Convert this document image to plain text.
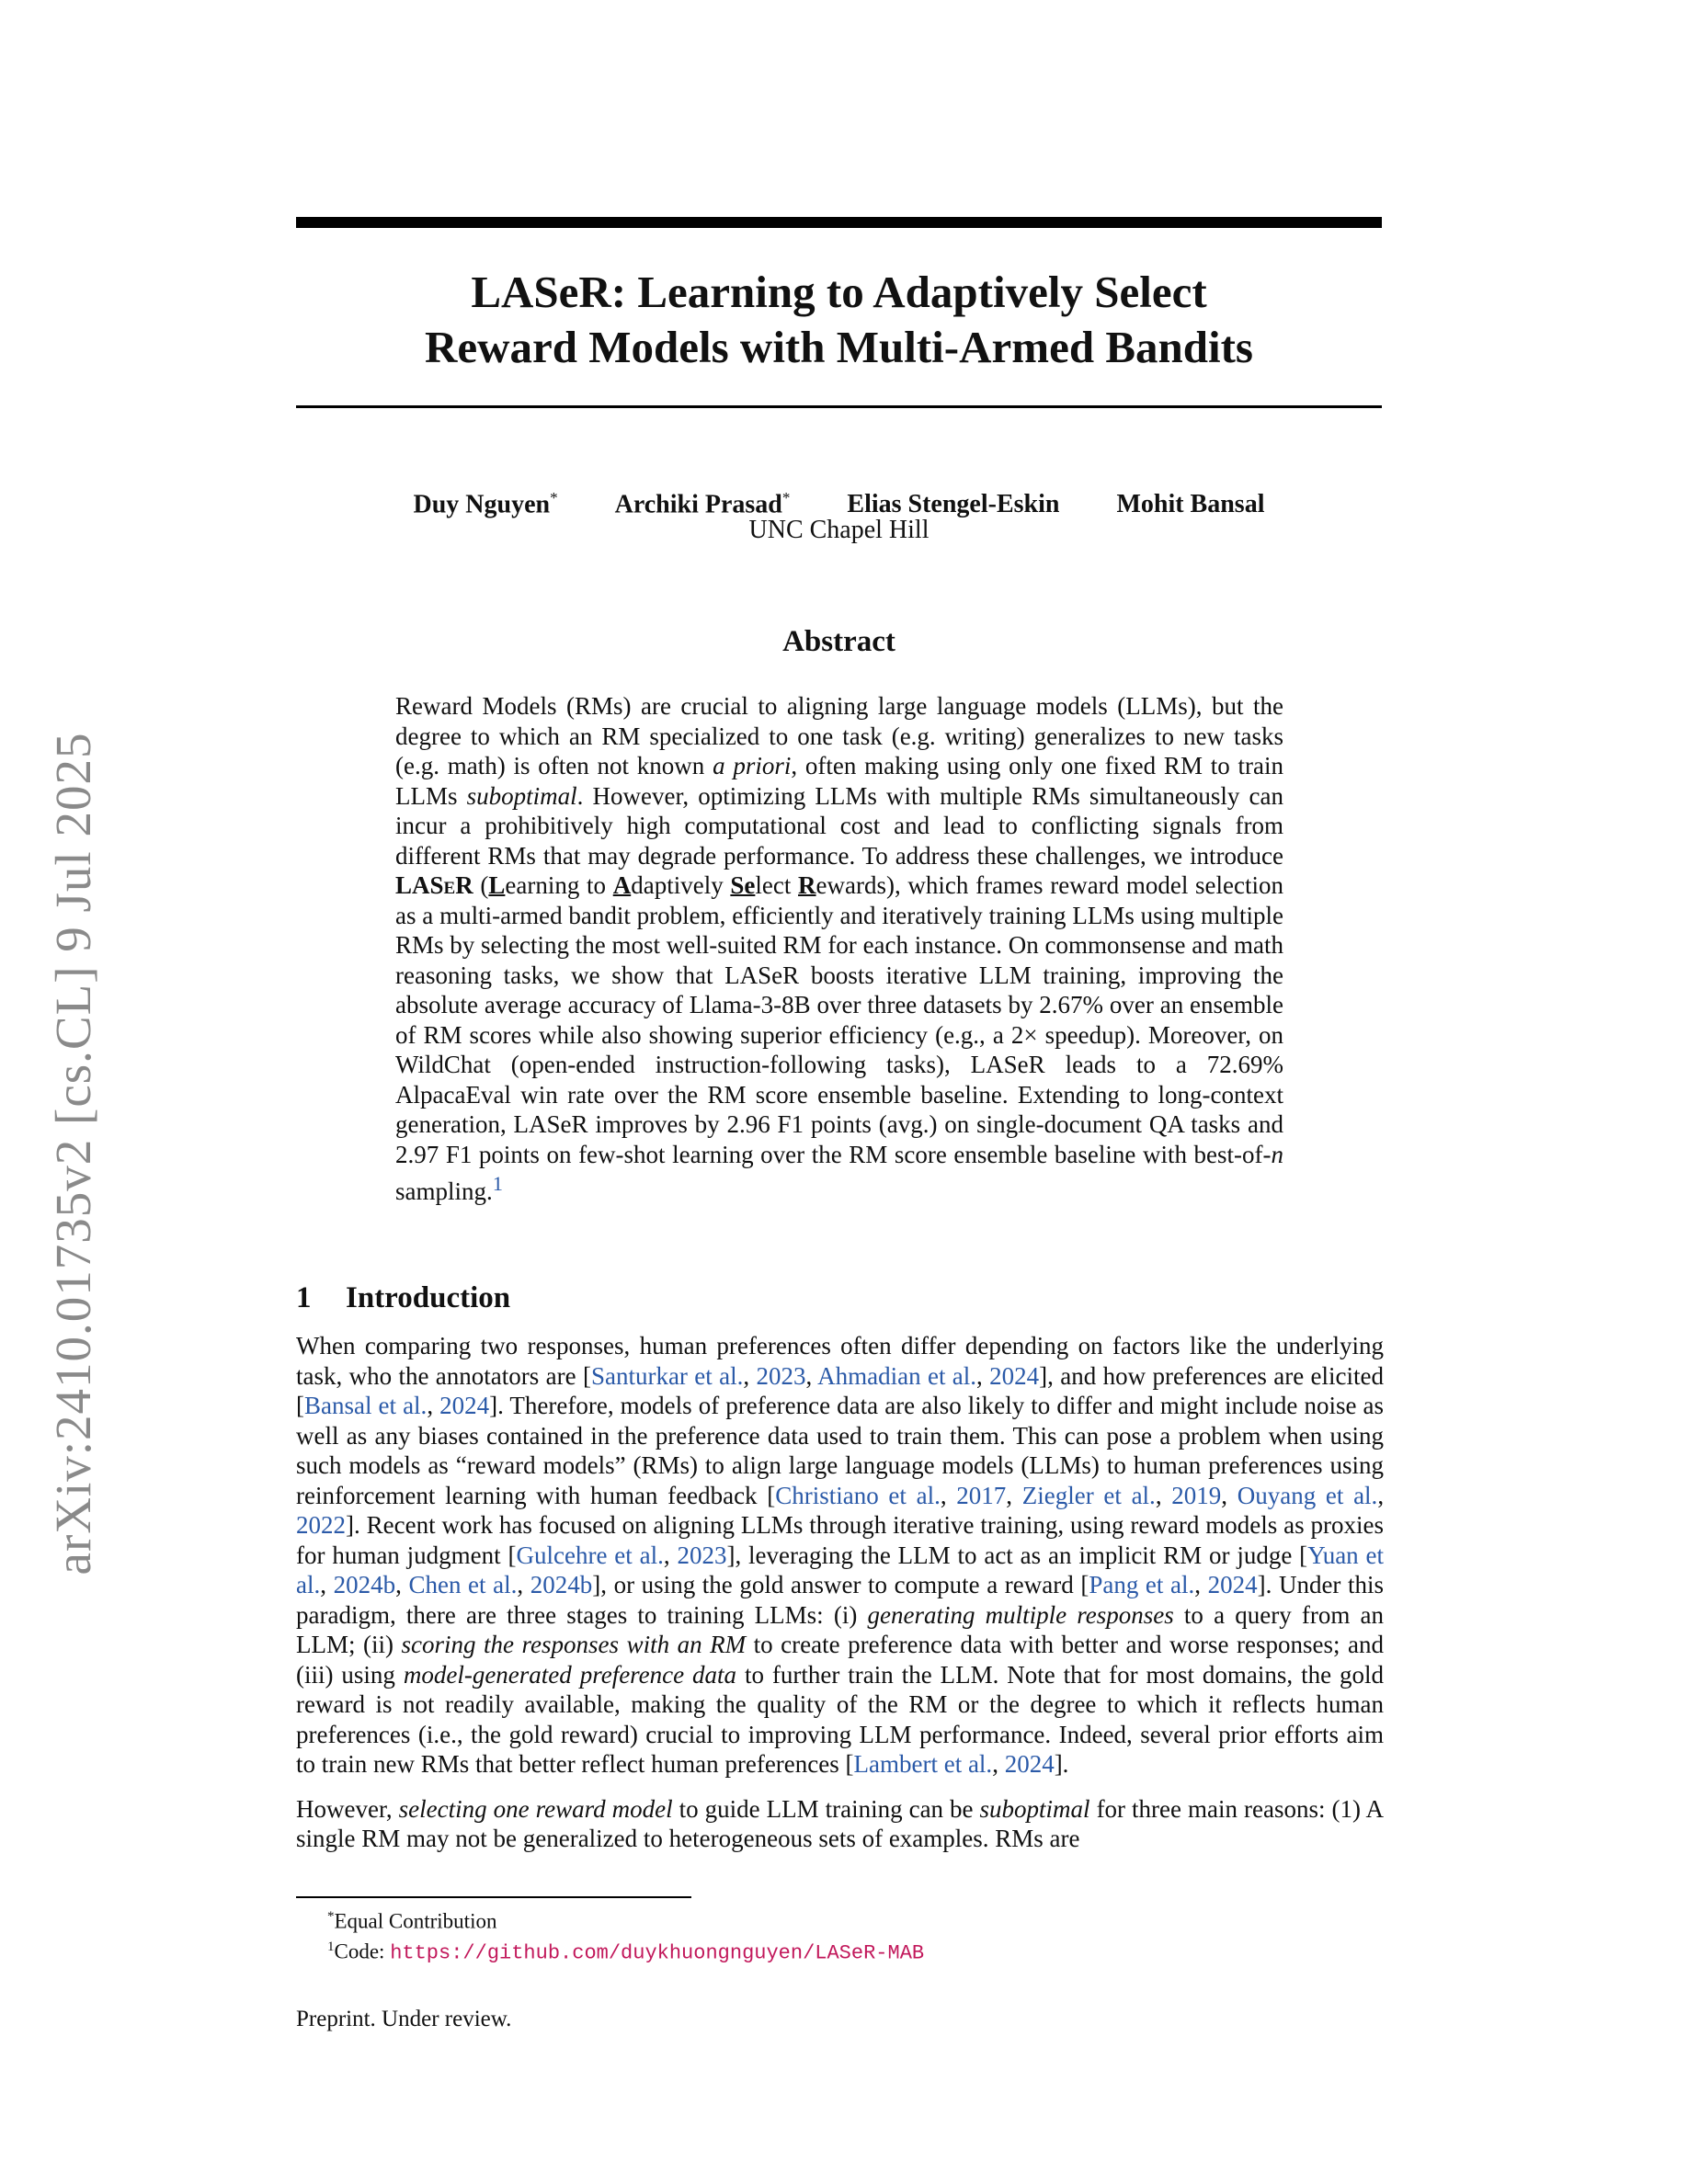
arXiv:2410.01735v2 [cs.CL] 9 Jul 2025
LASeR: Learning to Adaptively Select
Reward Models with Multi-Armed Bandits
Duy Nguyen* Archiki Prasad* Elias Stengel-Eskin Mohit Bansal
UNC Chapel Hill
Abstract
Reward Models (RMs) are crucial to aligning large language models (LLMs), but the degree to which an RM specialized to one task (e.g. writing) generalizes to new tasks (e.g. math) is often not known a priori, often making using only one fixed RM to train LLMs suboptimal. However, optimizing LLMs with multiple RMs simultaneously can incur a prohibitively high computational cost and lead to conflicting signals from different RMs that may degrade performance. To address these challenges, we introduce LASeR (Learning to Adaptively Select Rewards), which frames reward model selection as a multi-armed bandit problem, efficiently and iteratively training LLMs using multiple RMs by selecting the most well-suited RM for each instance. On commonsense and math reasoning tasks, we show that LASeR boosts iterative LLM training, improving the absolute average accuracy of Llama-3-8B over three datasets by 2.67% over an ensemble of RM scores while also showing superior efficiency (e.g., a 2× speedup). Moreover, on WildChat (open-ended instruction-following tasks), LASeR leads to a 72.69% AlpacaEval win rate over the RM score ensemble baseline. Extending to long-context generation, LASeR improves by 2.96 F1 points (avg.) on single-document QA tasks and 2.97 F1 points on few-shot learning over the RM score ensemble baseline with best-of-n sampling.$^1$
1 Introduction

When comparing two responses, human preferences often differ depending on factors like the underlying task, who the annotators are [Santurkar et al., 2023, Ahmadian et al., 2024], and how preferences are elicited [Bansal et al., 2024]. Therefore, models of preference data are also likely to differ and might include noise as well as any biases contained in the preference data used to train them. This can pose a problem when using such models as “reward models” (RMs) to align large language models (LLMs) to human preferences using reinforcement learning with human feedback [Christiano et al., 2017, Ziegler et al., 2019, Ouyang et al., 2022]. Recent work has focused on aligning LLMs through iterative training, using reward models as proxies for human judgment [Gulcehre et al., 2023], leveraging the LLM to act as an implicit RM or judge [Yuan et al., 2024b, Chen et al., 2024b], or using the gold answer to compute a reward [Pang et al., 2024]. Under this paradigm, there are three stages to training LLMs: (i) generating multiple responses to a query from an LLM; (ii) scoring the responses with an RM to create preference data with better and worse responses; and (iii) using model-generated preference data to further train the LLM. Note that for most domains, the gold reward is not readily available, making the quality of the RM or the degree to which it reflects human preferences (i.e., the gold reward) crucial to improving LLM performance. Indeed, several prior efforts aim to train new RMs that better reflect human preferences [Lambert et al., 2024].

However, selecting one reward model to guide LLM training can be suboptimal for three main reasons: (1) A single RM may not be generalized to heterogeneous sets of examples. RMs are

*Equal Contribution
$^1$Code: https://github.com/duykhuongnguyen/LASeR-MAB
Preprint. Under review.
